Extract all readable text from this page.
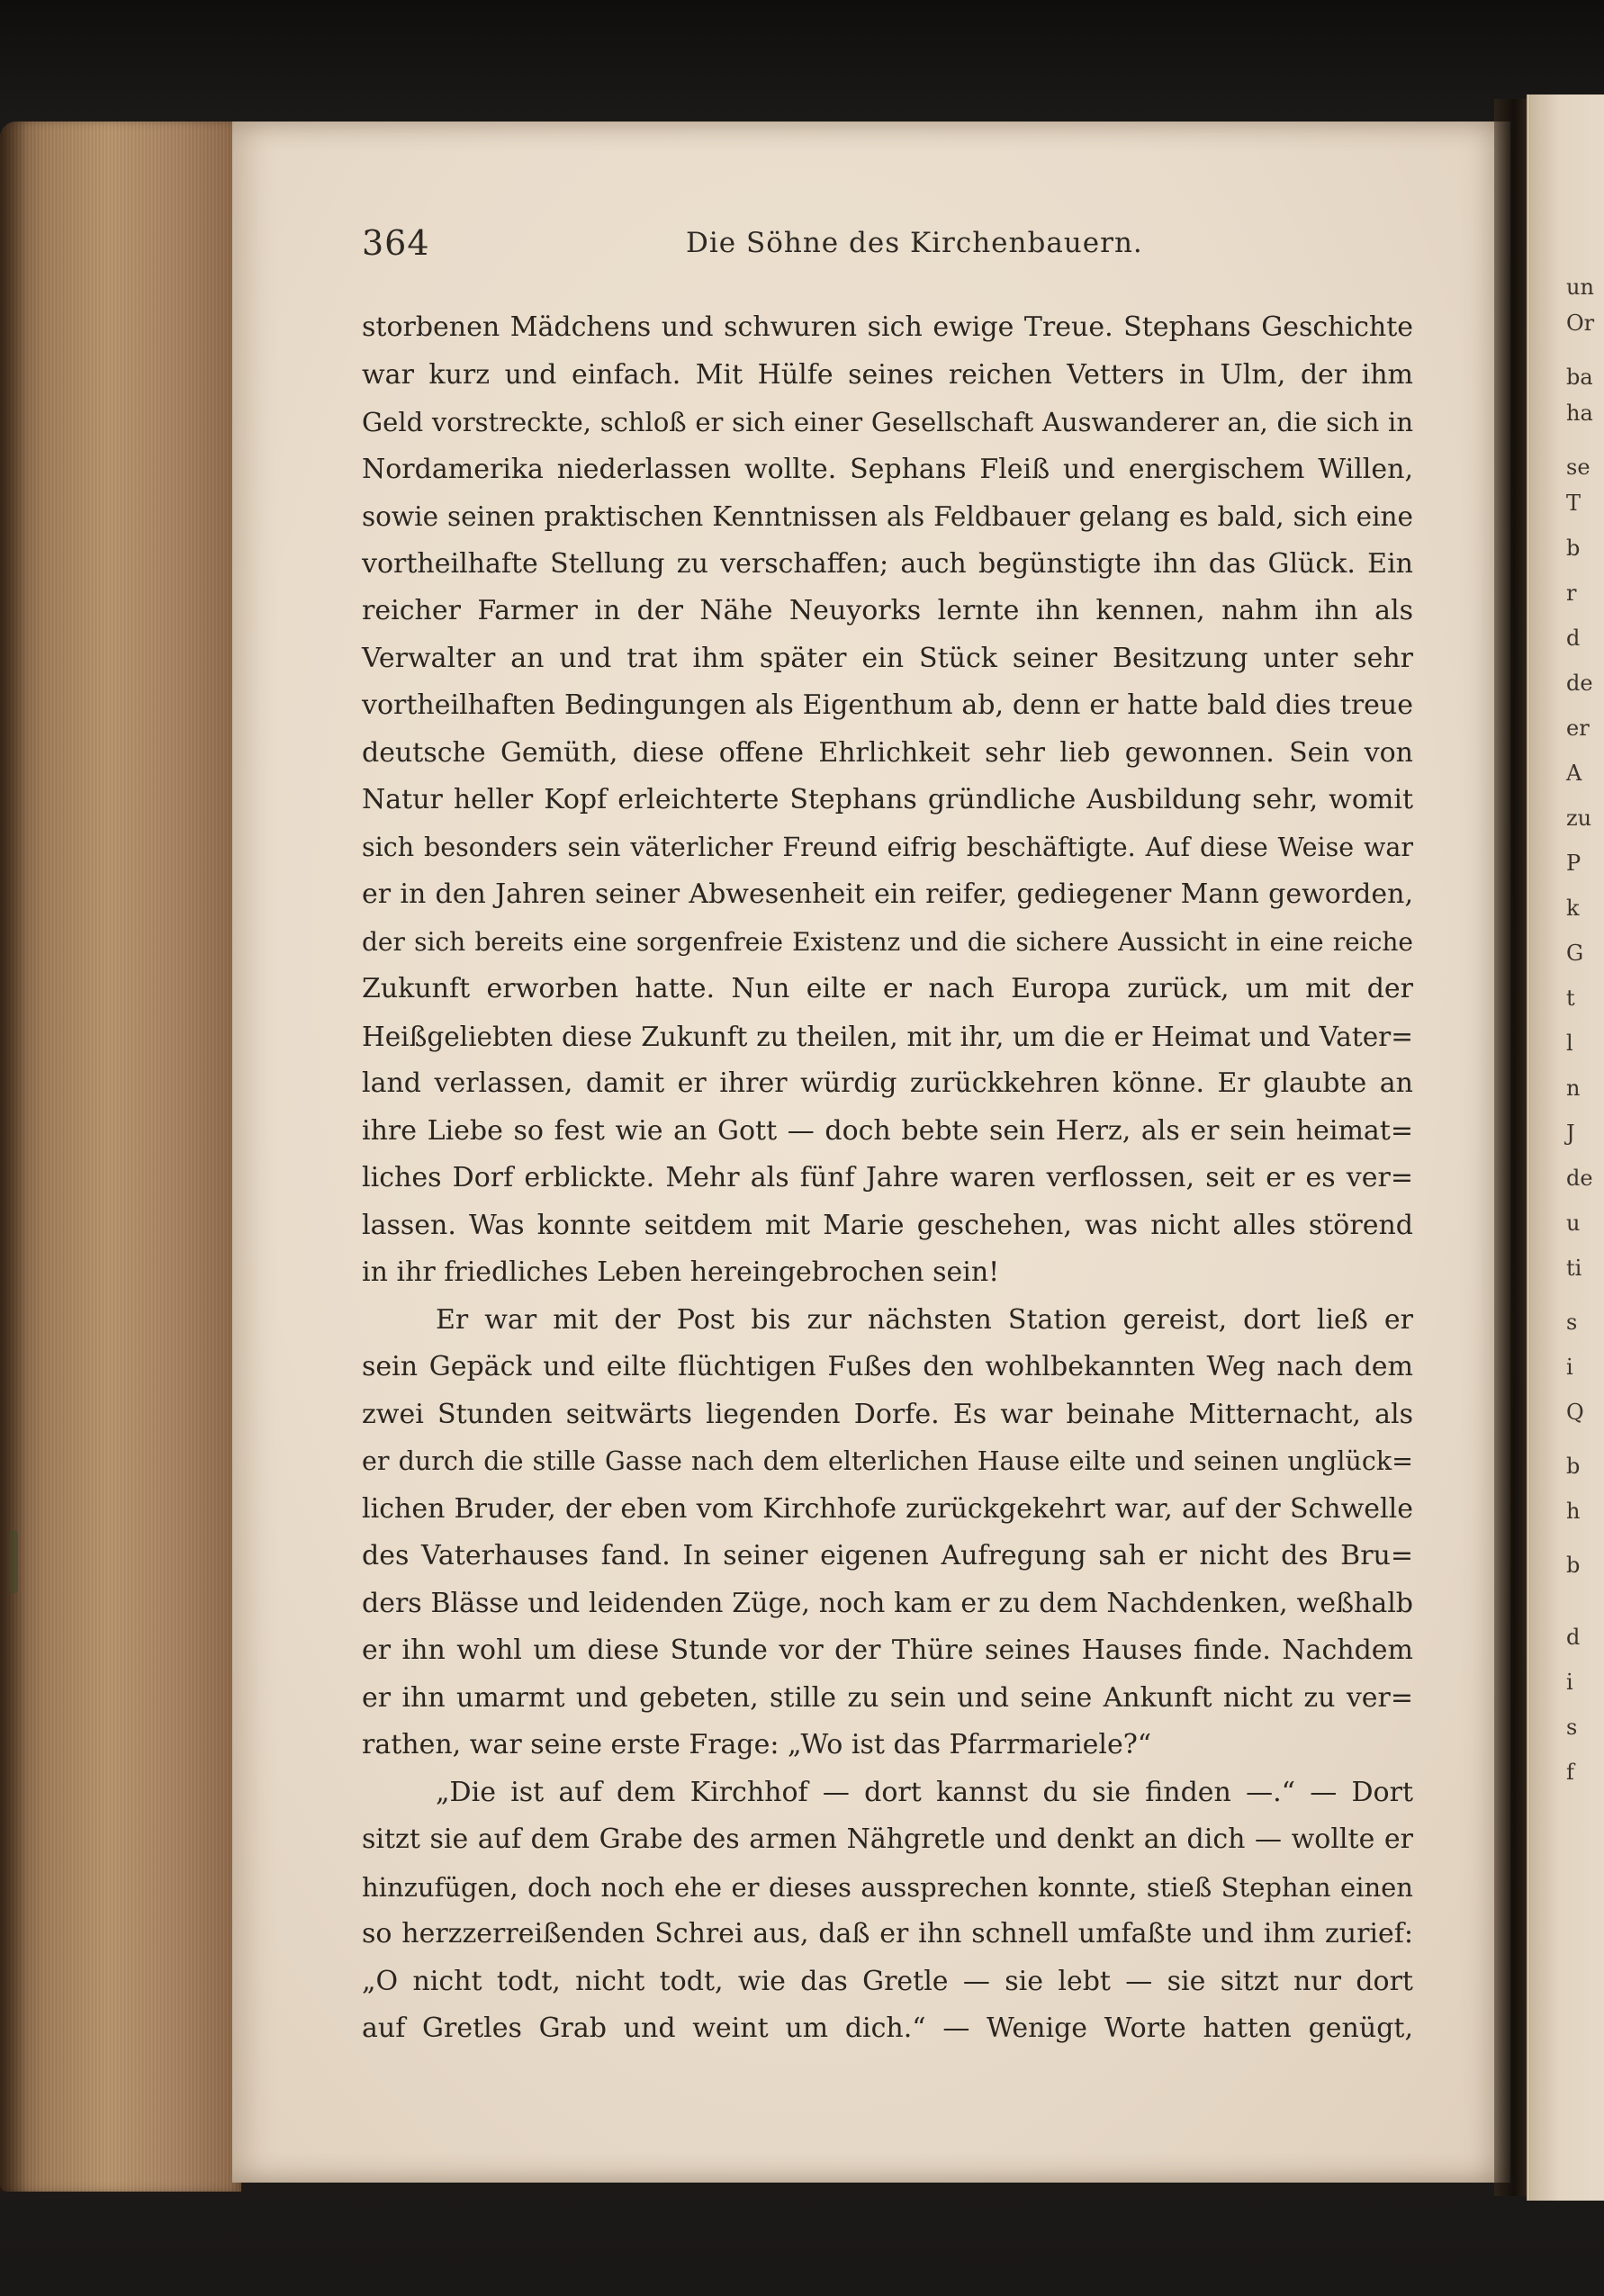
un
Or
ba
ha
se
T
b
r
d
de
er
A
zu
P
k
G
t
l
n
J
de
u
ti
s
i
Q
b
h
b
d
i
s
f
364	Die Söhne des Kirchenbauern.
storbenen Mädchens und schwuren sich ewige Treue. Stephans Geschichte
war kurz und einfach. Mit Hülfe seines reichen Vetters in Ulm, der ihm
Geld vorstreckte, schloß er sich einer Gesellschaft Auswanderer an, die sich in
Nordamerika niederlassen wollte. Sephans Fleiß und energischem Willen,
sowie seinen praktischen Kenntnissen als Feldbauer gelang es bald, sich eine
vortheilhafte Stellung zu verschaffen; auch begünstigte ihn das Glück. Ein
reicher Farmer in der Nähe Neuyorks lernte ihn kennen, nahm ihn als
Verwalter an und trat ihm später ein Stück seiner Besitzung unter sehr
vortheilhaften Bedingungen als Eigenthum ab, denn er hatte bald dies treue
deutsche Gemüth, diese offene Ehrlichkeit sehr lieb gewonnen. Sein von
Natur heller Kopf erleichterte Stephans gründliche Ausbildung sehr, womit
sich besonders sein väterlicher Freund eifrig beschäftigte. Auf diese Weise war
er in den Jahren seiner Abwesenheit ein reifer, gediegener Mann geworden,
der sich bereits eine sorgenfreie Existenz und die sichere Aussicht in eine reiche
Zukunft erworben hatte. Nun eilte er nach Europa zurück, um mit der
Heißgeliebten diese Zukunft zu theilen, mit ihr, um die er Heimat und Vater=
land verlassen, damit er ihrer würdig zurückkehren könne. Er glaubte an
ihre Liebe so fest wie an Gott — doch bebte sein Herz, als er sein heimat=
liches Dorf erblickte. Mehr als fünf Jahre waren verflossen, seit er es ver=
lassen. Was konnte seitdem mit Marie geschehen, was nicht alles störend
in ihr friedliches Leben hereingebrochen sein!
Er war mit der Post bis zur nächsten Station gereist, dort ließ er
sein Gepäck und eilte flüchtigen Fußes den wohlbekannten Weg nach dem
zwei Stunden seitwärts liegenden Dorfe. Es war beinahe Mitternacht, als
er durch die stille Gasse nach dem elterlichen Hause eilte und seinen unglück=
lichen Bruder, der eben vom Kirchhofe zurückgekehrt war, auf der Schwelle
des Vaterhauses fand. In seiner eigenen Aufregung sah er nicht des Bru=
ders Blässe und leidenden Züge, noch kam er zu dem Nachdenken, weßhalb
er ihn wohl um diese Stunde vor der Thüre seines Hauses finde. Nachdem
er ihn umarmt und gebeten, stille zu sein und seine Ankunft nicht zu ver=
rathen, war seine erste Frage: „Wo ist das Pfarrmariele?“
„Die ist auf dem Kirchhof — dort kannst du sie finden —.“ — Dort
sitzt sie auf dem Grabe des armen Nähgretle und denkt an dich — wollte er
hinzufügen, doch noch ehe er dieses aussprechen konnte, stieß Stephan einen
so herzzerreißenden Schrei aus, daß er ihn schnell umfaßte und ihm zurief:
„O nicht todt, nicht todt, wie das Gretle — sie lebt — sie sitzt nur dort
auf Gretles Grab und weint um dich.“ — Wenige Worte hatten genügt,
